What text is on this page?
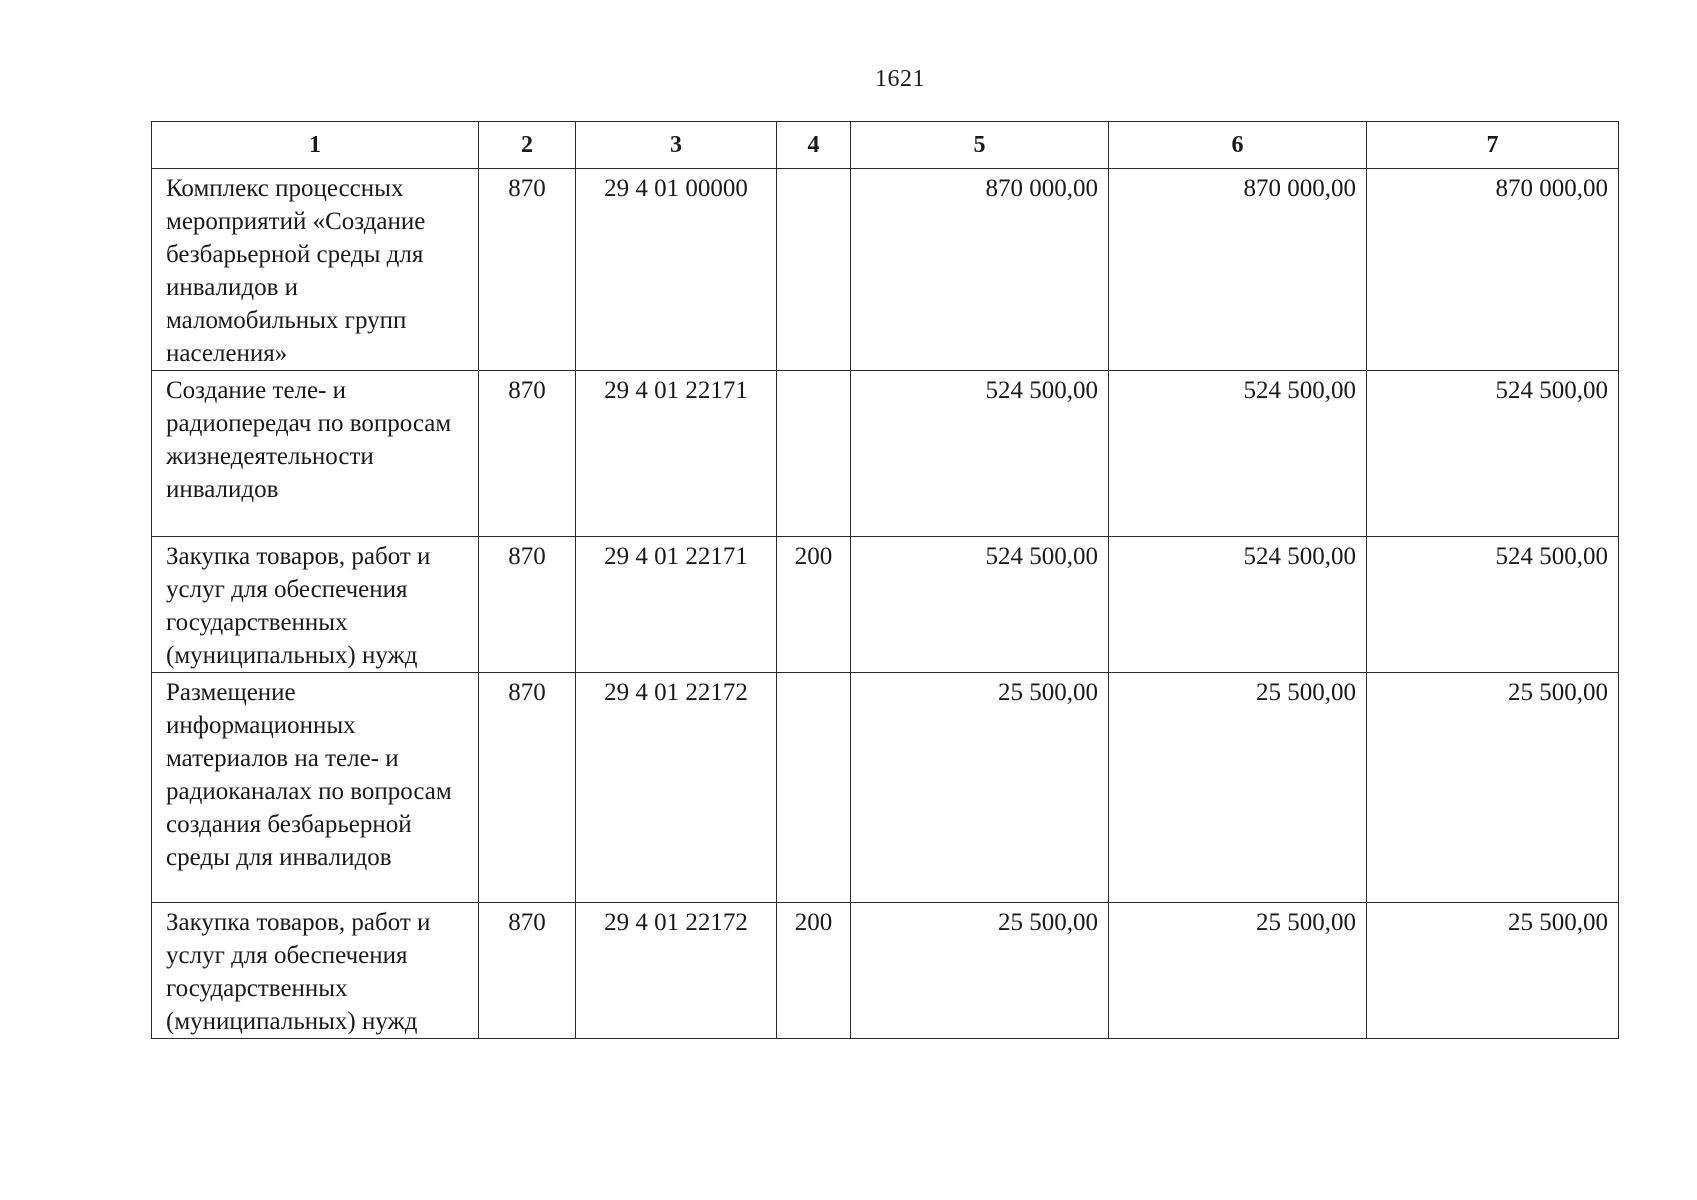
1621
1	2	3	4	5	6	7
Комплекс процессных мероприятий «Создание безбарьерной среды для инвалидов и маломобильных групп населения»	870	29 4 01 00000		870 000,00	870 000,00	870 000,00
Создание теле- и радиопередач по вопросам жизнедеятельности инвалидов	870	29 4 01 22171		524 500,00	524 500,00	524 500,00
Закупка товаров, работ и услуг для обеспечения государственных (муниципальных) нужд	870	29 4 01 22171	200	524 500,00	524 500,00	524 500,00
Размещение информационных материалов на теле- и радиоканалах по вопросам создания безбарьерной среды для инвалидов	870	29 4 01 22172		25 500,00	25 500,00	25 500,00
Закупка товаров, работ и услуг для обеспечения государственных (муниципальных) нужд	870	29 4 01 22172	200	25 500,00	25 500,00	25 500,00
